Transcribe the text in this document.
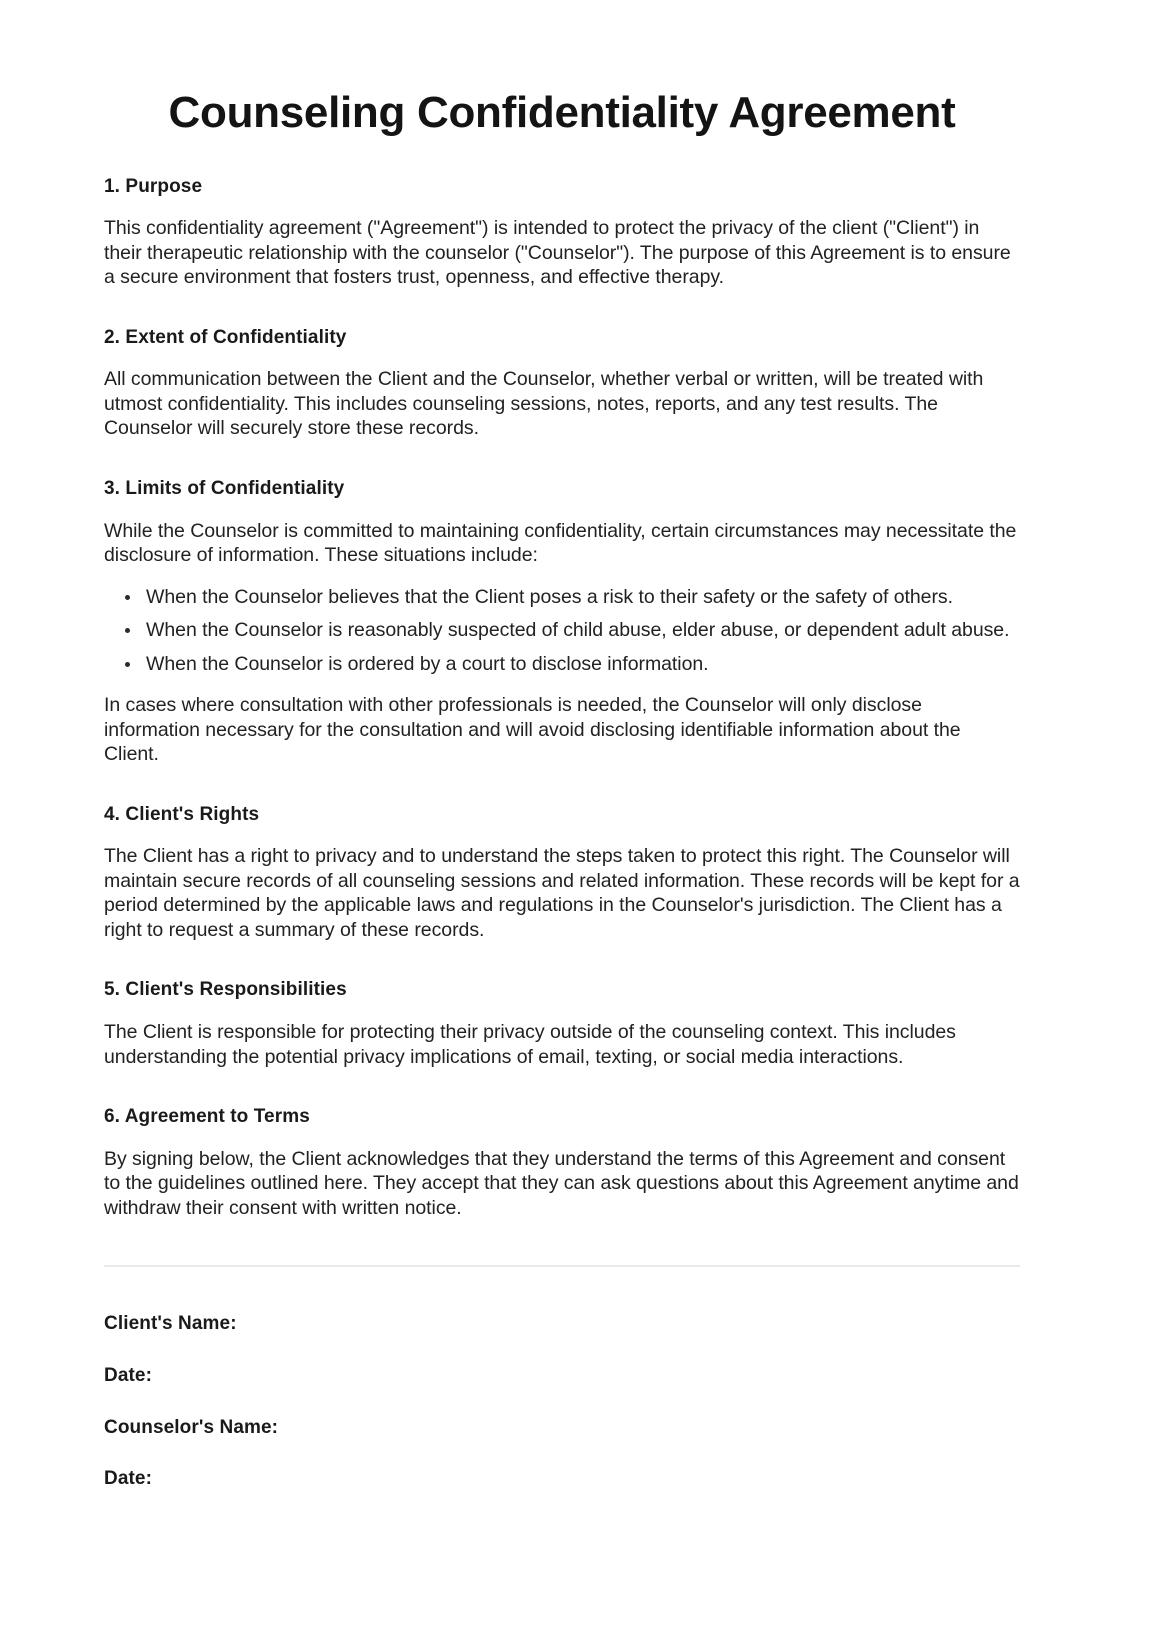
Counseling Confidentiality Agreement
1. Purpose

This confidentiality agreement ("Agreement") is intended to protect the privacy of the client ("Client") in their therapeutic relationship with the counselor ("Counselor"). The purpose of this Agreement is to ensure a secure environment that fosters trust, openness, and effective therapy.

2. Extent of Confidentiality

All communication between the Client and the Counselor, whether verbal or written, will be treated with utmost confidentiality. This includes counseling sessions, notes, reports, and any test results. The Counselor will securely store these records.

3. Limits of Confidentiality

While the Counselor is committed to maintaining confidentiality, certain circumstances may necessitate the disclosure of information. These situations include:

When the Counselor believes that the Client poses a risk to their safety or the safety of others.
When the Counselor is reasonably suspected of child abuse, elder abuse, or dependent adult abuse.
When the Counselor is ordered by a court to disclose information.

In cases where consultation with other professionals is needed, the Counselor will only disclose information necessary for the consultation and will avoid disclosing identifiable information about the Client.

4. Client's Rights

The Client has a right to privacy and to understand the steps taken to protect this right. The Counselor will maintain secure records of all counseling sessions and related information. These records will be kept for a period determined by the applicable laws and regulations in the Counselor's jurisdiction. The Client has a right to request a summary of these records.

5. Client's Responsibilities

The Client is responsible for protecting their privacy outside of the counseling context. This includes understanding the potential privacy implications of email, texting, or social media interactions.

6. Agreement to Terms

By signing below, the Client acknowledges that they understand the terms of this Agreement and consent to the guidelines outlined here. They accept that they can ask questions about this Agreement anytime and withdraw their consent with written notice.

Client's Name:
Date:
Counselor's Name:
Date:
